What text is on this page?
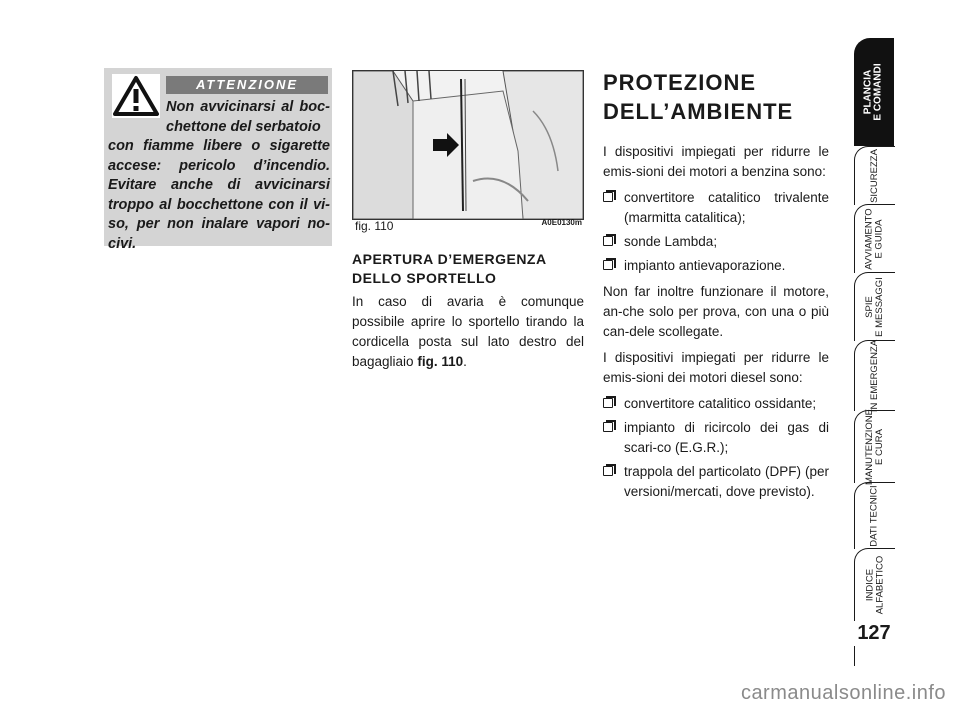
ATTENZIONE
Non avvicinarsi al boc-chettone del serbatoio
con fiamme libere o sigarette accese: pericolo d’incendio. Evitare anche di avvicinarsi troppo al bocchettone con il vi-so, per non inalare vapori no-civi.
fig. 110	A0E0130m
APERTURA D’EMERGENZA
DELLO SPORTELLO
In caso di avaria è comunque possibile aprire lo sportello tirando la cordicella posta sul lato destro del bagagliaio fig. 110.
PROTEZIONE
DELL’AMBIENTE

I dispositivi impiegati per ridurre le emis-sioni dei motori a benzina sono:

convertitore catalitico trivalente (marmitta catalitica);
sonde Lambda;
impianto antievaporazione.

Non far inoltre funzionare il motore, an-che solo per prova, con una o più can-dele scollegate.

I dispositivi impiegati per ridurre le emis-sioni dei motori diesel sono:

convertitore catalitico ossidante;
impianto di ricircolo dei gas di scari-co (E.G.R.);
trappola del particolato (DPF) (per versioni/mercati, dove previsto).
PLANCIA
E COMANDI
SICUREZZA
AVVIAMENTO
E GUIDA
SPIE
E MESSAGGI
IN EMERGENZA
MANUTENZIONE
E CURA
DATI TECNICI
INDICE
ALFABETICO
127
carmanualsonline.info
